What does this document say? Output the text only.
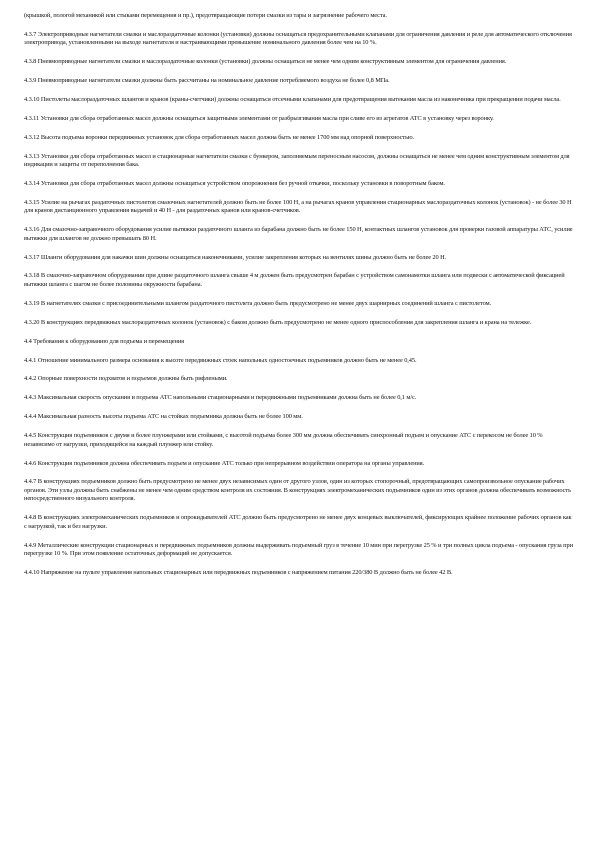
(крышкой, пологой механикой или стыками перемещения и пр.), предотвращающие потери смазки из тары и загрязнение рабочего места.

4.3.7 Электроприводные нагнетатели смазки и маслораздаточные колонки (установки) должны оснащаться предохранительными клапанами для ограничения давления и реле для автоматического отключения электропривода, установленными на выходе нагнетателя и настраивающими превышение номинального давления более чем на 10 %.

4.3.8 Пневмоприводные нагнетатели смазки и маслораздаточные колонки (установки) должны оснащаться не менее чем одним конструктивным элементом для ограничения давления.

4.3.9 Пневмоприводные нагнетатели смазки должны быть рассчитаны на номинальное давление потребляемого воздуха не более 0,8 МПа.

4.3.10 Пистолеты маслораздаточных шлангов и кранов (краны-счетчики) должны оснащаться отсечными клапанами для предотвращения вытекания масла из наконечника при прекращении подачи масла.

4.3.11 Установки для сбора отработанных масел должны оснащаться защитными элементами от разбрызгивания масла при сливе его из агрегатов АТС в установку через воронку.

4.3.12 Высота подъема воронки передвижных установок для сбора отработанных масел должна быть не менее 1700 мм над опорной поверхностью.

4.3.13 Установки для сбора отработанных масел и стационарные нагнетатели смазки с бункером, заполняемым переносным насосом, должны оснащаться не менее чем одним конструктивным элементом для индикации и защиты от переполнения бака.

4.3.14 Установки для сбора отработанных масел должны оснащаться устройством опорожнения без ручной откачки, поскольку установки в поворотным баком.

4.3.15 Усилие на рычагах раздаточных пистолетов смазочных нагнетателей должно быть не более 100 Н, а на рычагах кранов управления стационарных маслораздаточных колонок (установок) - не более 30 Н для кранов дистанционного управления выдачей и 40 Н - для раздаточных кранов или кранов-счетчиков.

4.3.16 Для смазочно-заправочного оборудования усилие вытяжки раздаточного шланга из барабана должно быть не более 150 Н, контактных шлангов установок для проверки газовой аппаратуры АТС, усилие вытяжки для шлангов не должно превышать 80 Н.

4.3.17 Шланги оборудования для накачки шин должны оснащаться наконечниками, усилие закрепления которых на вентилях шины должно быть не более 20 Н.

4.3.18 В смазочно-заправочном оборудовании при длине раздаточного шланга свыше 4 м должен быть предусмотрен барабан с устройством самонамотки шланга или подвески с автоматической фиксацией вытяжки шланга с шагом не более половины окружности барабана.

4.3.19 В нагнетателях смазки с присоединительными шлангом раздаточного пистолета должно быть предусмотрено не менее двух шарнирных соединений шланга с пистолетом.

4.3.20 В конструкциях передвижных маслораздаточных колонок (установок) с баком должно быть предусмотрено не менее одного приспособления для закрепления шланга и крана на тележке.

4.4 Требования к оборудованию для подъема и перемещения

4.4.1 Отношение минимального размера основания к высоте передвижных стоек напольных одностоечных подъемников должно быть не менее 0,45.

4.4.2 Опорные поверхности подхватов и подъемов должны быть рифлеными.

4.4.3 Максимальная скорость опускания и подъема АТС напольными стационарными и передвижными подъемниками должна быть не более 0,1 м/с.

4.4.4 Максимальная разность высоты подъема АТС на стойках подъемника должна быть не более 100 мм.

4.4.5 Конструкция подъемников с двумя и более плунжерами или стойками, с высотой подъема более 300 мм должна обеспечивать синхронный подъем и опускание АТС с перекосом не более 10 % независимо от нагрузки, приходящейся на каждый плунжер или стойку.

4.4.6 Конструкция подъемников должна обеспечивать подъем и опускание АТС только при непрерывном воздействии оператора на органы управления.

4.4.7 В конструкциях подъемников должно быть предусмотрено не менее двух независимых один от другого узлов, один из которых стопорочный, предотвращающих самопроизвольное опускание рабочих органов. Эти узлы должны быть снабжены не менее чем одним средством контроля их состояния. В конструкциях электромеханических подъемников один из этих органов должна обеспечивать возможность непосредственного визуального контроля.

4.4.8 В конструкциях электромеханических подъемников и опрокидывателей АТС должно быть предусмотрено не менее двух концевых выключателей, фиксирующих крайнее положение рабочих органов как с нагрузкой, так и без нагрузки.

4.4.9 Металлические конструкции стационарных и передвижных подъемников должны выдерживать подъемный груз в течение 10 мин при перегрузке 25 % и три полных цикла подъема - опускания груза при перегрузке 10 %. При этом появление остаточных деформаций не допускается.

4.4.10 Напряжение на пульте управления напольных стационарных или передвижных подъемников с напряжением питания 220/380 В должно быть не более 42 В.
